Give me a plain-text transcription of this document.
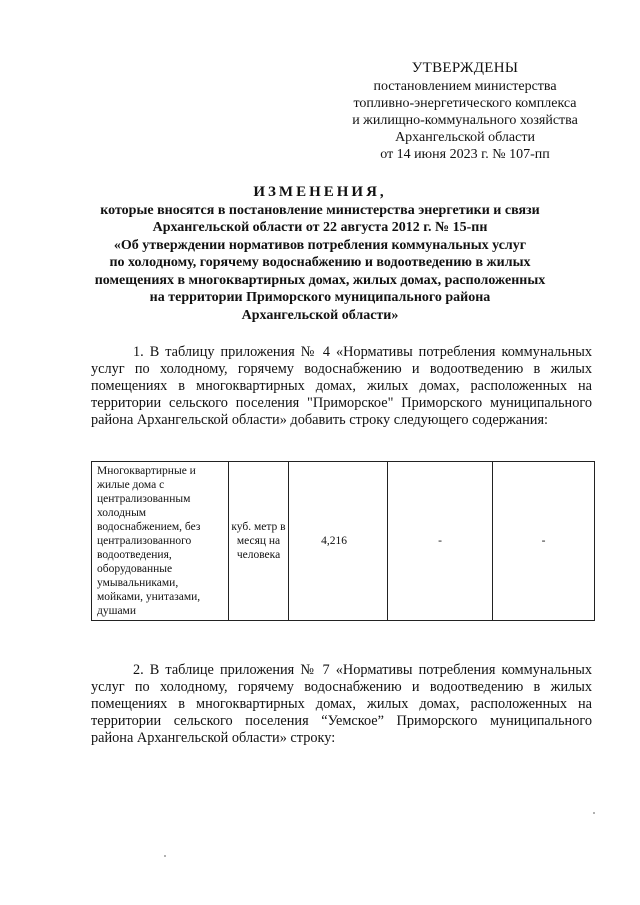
УТВЕРЖДЕНЫ
постановлением министерства
топливно-энергетического комплекса
и жилищно-коммунального хозяйства
Архангельской области
от 14 июня 2023 г. № 107-пп
ИЗМЕНЕНИЯ,
которые вносятся в постановление министерства энергетики и связи
Архангельской области от 22 августа 2012 г. № 15-пн
«Об утверждении нормативов потребления коммунальных услуг
по холодному, горячему водоснабжению и водоотведению в жилых
помещениях в многоквартирных домах, жилых домах, расположенных
на территории Приморского муниципального района
Архангельской области»
1. В таблицу приложения № 4 «Нормативы потребления коммунальных услуг по холодному, горячему водоснабжению и водоотведению в жилых помещениях в многоквартирных домах, жилых домах, расположенных на территории сельского поселения "Приморское" Приморского муниципального района Архангельской области» добавить строку следующего содержания:
Многоквартирные и жилые дома с централизованным холодным водоснабжением, без централизованного водоотведения, оборудованные умывальниками, мойками, унитазами, душами	куб. метр в месяц на человека	4,216	-	-
2. В таблице приложения № 7 «Нормативы потребления коммунальных услуг по холодному, горячему водоснабжению и водоотведению в жилых помещениях в многоквартирных домах, жилых домах, расположенных на территории сельского поселения “Уемское” Приморского муниципального района Архангельской области» строку:
